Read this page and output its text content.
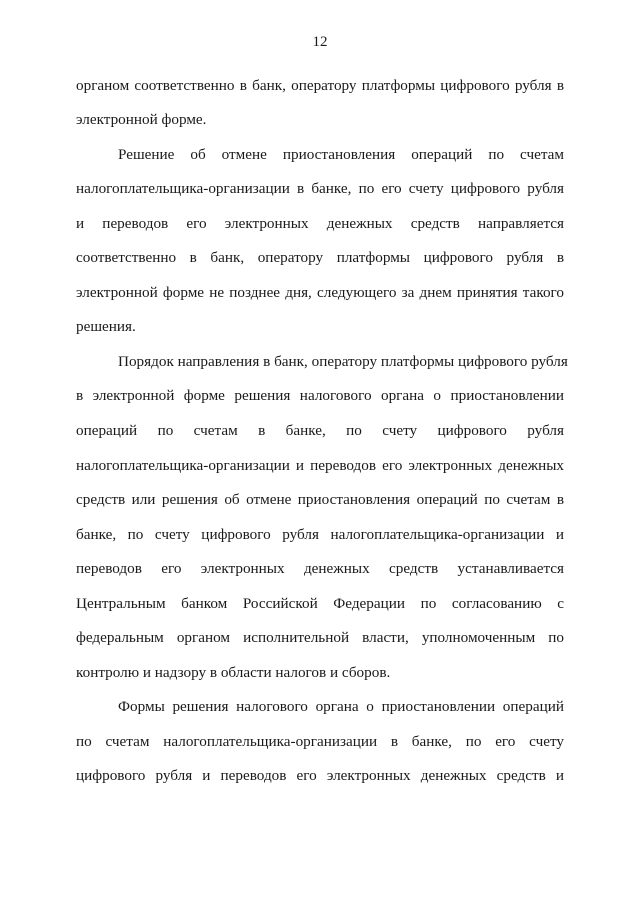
12
органом соответственно в банк, оператору платформы цифрового рубля в
электронной форме.
Решение об отмене приостановления операций по счетам
налогоплательщика-организации в банке, по его счету цифрового рубля
и переводов его электронных денежных средств направляется
соответственно в банк, оператору платформы цифрового рубля в
электронной форме не позднее дня, следующего за днем принятия такого
решения.
Порядок направления в банк, оператору платформы цифрового рубля
в электронной форме решения налогового органа о приостановлении
операций по счетам в банке, по счету цифрового рубля
налогоплательщика-организации и переводов его электронных денежных
средств или решения об отмене приостановления операций по счетам в
банке, по счету цифрового рубля налогоплательщика-организации и
переводов его электронных денежных средств устанавливается
Центральным банком Российской Федерации по согласованию с
федеральным органом исполнительной власти, уполномоченным по
контролю и надзору в области налогов и сборов.
Формы решения налогового органа о приостановлении операций
по счетам налогоплательщика-организации в банке, по его счету
цифрового рубля и переводов его электронных денежных средств и
